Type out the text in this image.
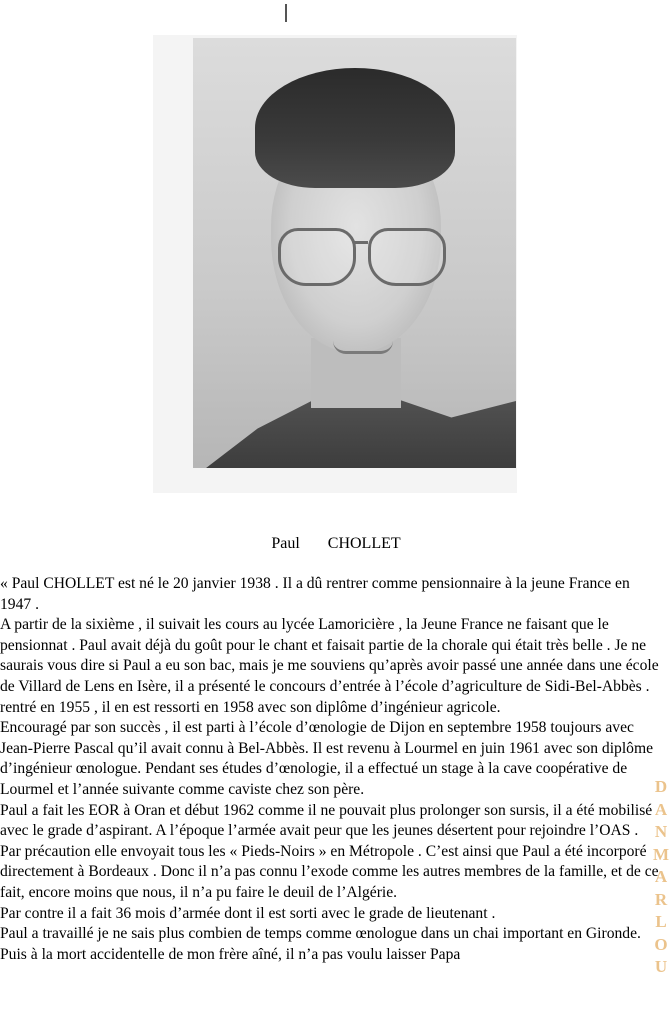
Paul CHOLLET

« Paul CHOLLET est né le 20 janvier 1938 . Il a dû rentrer comme pensionnaire à la jeune France en 1947 .

A partir de la sixième , il suivait les cours au lycée Lamoricière , la Jeune France ne faisant que le pensionnat . Paul avait déjà du goût pour le chant et faisait partie de la chorale qui était très belle . Je ne saurais vous dire si Paul a eu son bac, mais je me souviens qu’après avoir passé une année dans une école de Villard de Lens en Isère, il a présenté le concours d’entrée à l’école d’agriculture de Sidi-Bel-Abbès . rentré en 1955 , il en est ressorti en 1958 avec son diplôme d’ingénieur agricole.

Encouragé par son succès , il est parti à l’école d’œnologie de Dijon en septembre 1958 toujours avec Jean-Pierre Pascal qu’il avait connu à Bel-Abbès. Il est revenu à Lourmel en juin 1961 avec son diplôme d’ingénieur œnologue. Pendant ses études d’œnologie, il a effectué un stage à la cave coopérative de Lourmel et l’année suivante comme caviste chez son père.

Paul a fait les EOR à Oran et début 1962 comme il ne pouvait plus prolonger son sursis, il a été mobilisé avec le grade d’aspirant. A l’époque l’armée avait peur que les jeunes désertent pour rejoindre l’OAS . Par précaution elle envoyait tous les « Pieds-Noirs » en Métropole . C’est ainsi que Paul a été incorporé directement à Bordeaux . Donc il n’a pas connu l’exode comme les autres membres de la famille, et de ce fait, encore moins que nous, il n’a pu faire le deuil de l’Algérie.

Par contre il a fait 36 mois d’armée dont il est sorti avec le grade de lieutenant .

Paul a travaillé je ne sais plus combien de temps comme œnologue dans un chai important en Gironde. Puis à la mort accidentelle de mon frère aîné, il n’a pas voulu laisser Papa

D
A
N
M
A
R
L
O
U
